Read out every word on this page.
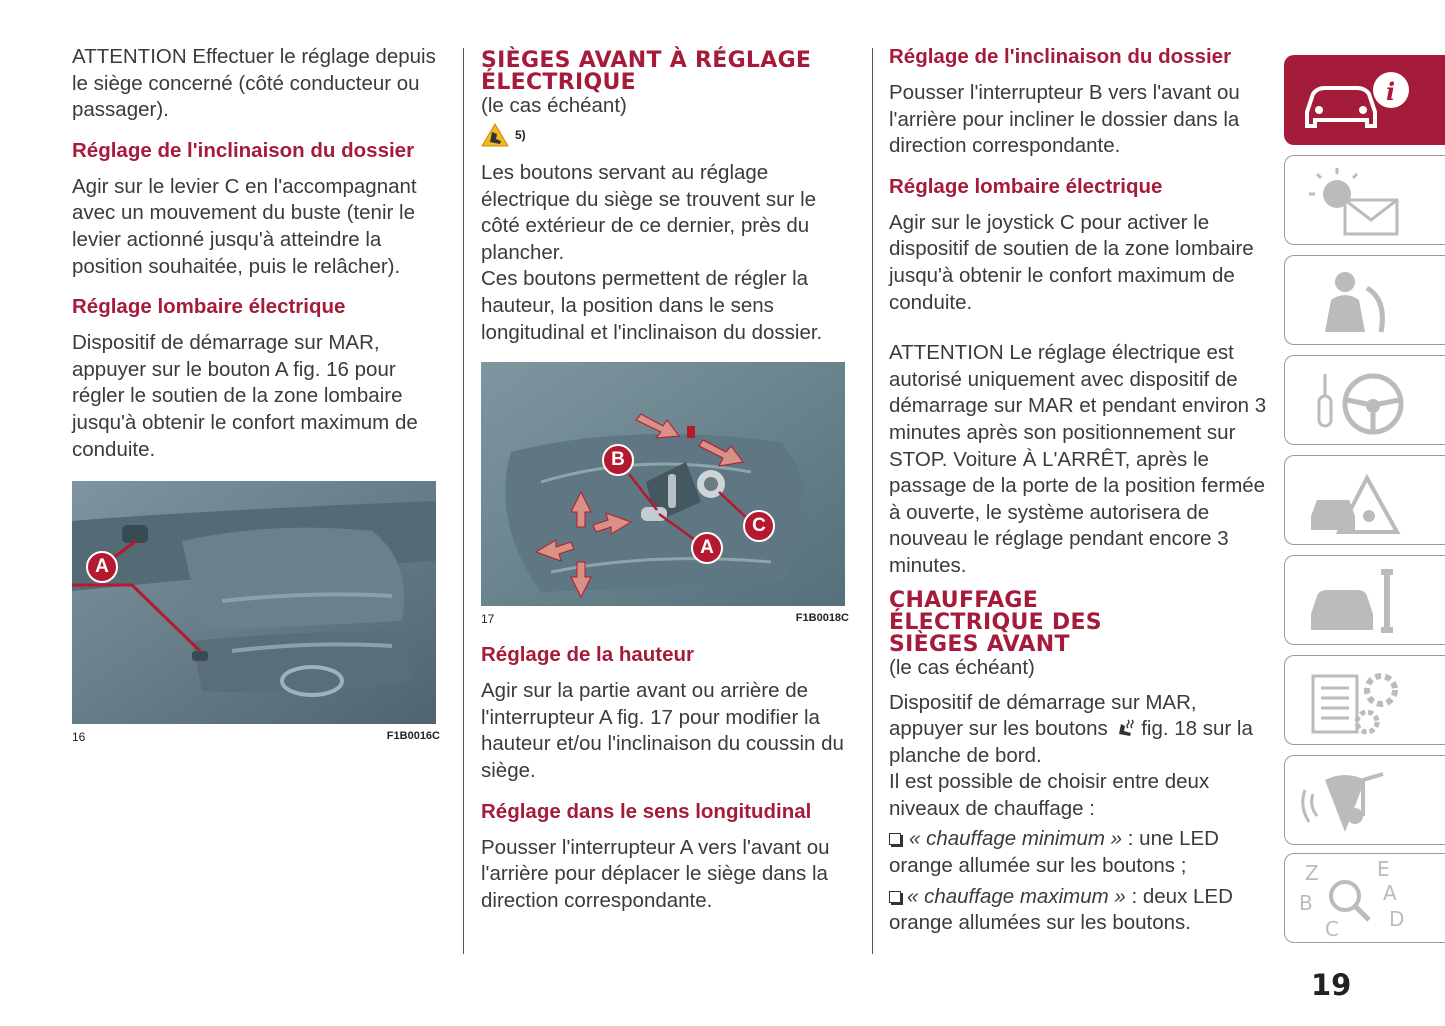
ATTENTION Effectuer le réglage depuis le siège concerné (côté conducteur ou passager).

Réglage de l'inclinaison du dossier

Agir sur le levier C en l'accompagnant avec un mouvement du buste (tenir le levier actionné jusqu'à atteindre la position souhaitée, puis le relâcher).

Réglage lombaire électrique

Dispositif de démarrage sur MAR, appuyer sur le bouton A fig. 16 pour régler le soutien de la zone lombaire jusqu'à obtenir le confort maximum de conduite.

A
16	F1B0016C
SIÈGES AVANT À RÉGLAGE ÉLECTRIQUE

(le cas échéant)

5)

Les boutons servant au réglage électrique du siège se trouvent sur le côté extérieur de ce dernier, près du plancher.

Ces boutons permettent de régler la hauteur, la position dans le sens longitudinal et l'inclinaison du dossier.

B
A
C
17	F1B0018C
Réglage de la hauteur

Agir sur la partie avant ou arrière de l'interrupteur A fig. 17 pour modifier la hauteur et/ou l'inclinaison du coussin du siège.

Réglage dans le sens longitudinal

Pousser l'interrupteur A vers l'avant ou l'arrière pour déplacer le siège dans la direction correspondante.

Réglage de l'inclinaison du dossier

Pousser l'interrupteur B vers l'avant ou l'arrière pour incliner le dossier dans la direction correspondante.

Réglage lombaire électrique

Agir sur le joystick C pour activer le dispositif de soutien de la zone lombaire jusqu'à obtenir le confort maximum de conduite.

ATTENTION Le réglage électrique est autorisé uniquement avec dispositif de démarrage sur MAR et pendant environ 3 minutes après son positionnement sur STOP. Voiture À L'ARRÊT, après le passage de la porte de la position fermée à ouverte, le système autorisera de nouveau le réglage pendant encore 3 minutes.

CHAUFFAGE ÉLECTRIQUE DES SIÈGES AVANT

(le cas échéant)

Dispositif de démarrage sur MAR, appuyer sur les boutons fig. 18 sur la planche de bord.

Il est possible de choisir entre deux niveaux de chauffage :

« chauffage minimum » : une LED orange allumée sur les boutons ;

« chauffage maximum » : deux LED orange allumées sur les boutons.

i
Z	E
B	A
C	D
19
